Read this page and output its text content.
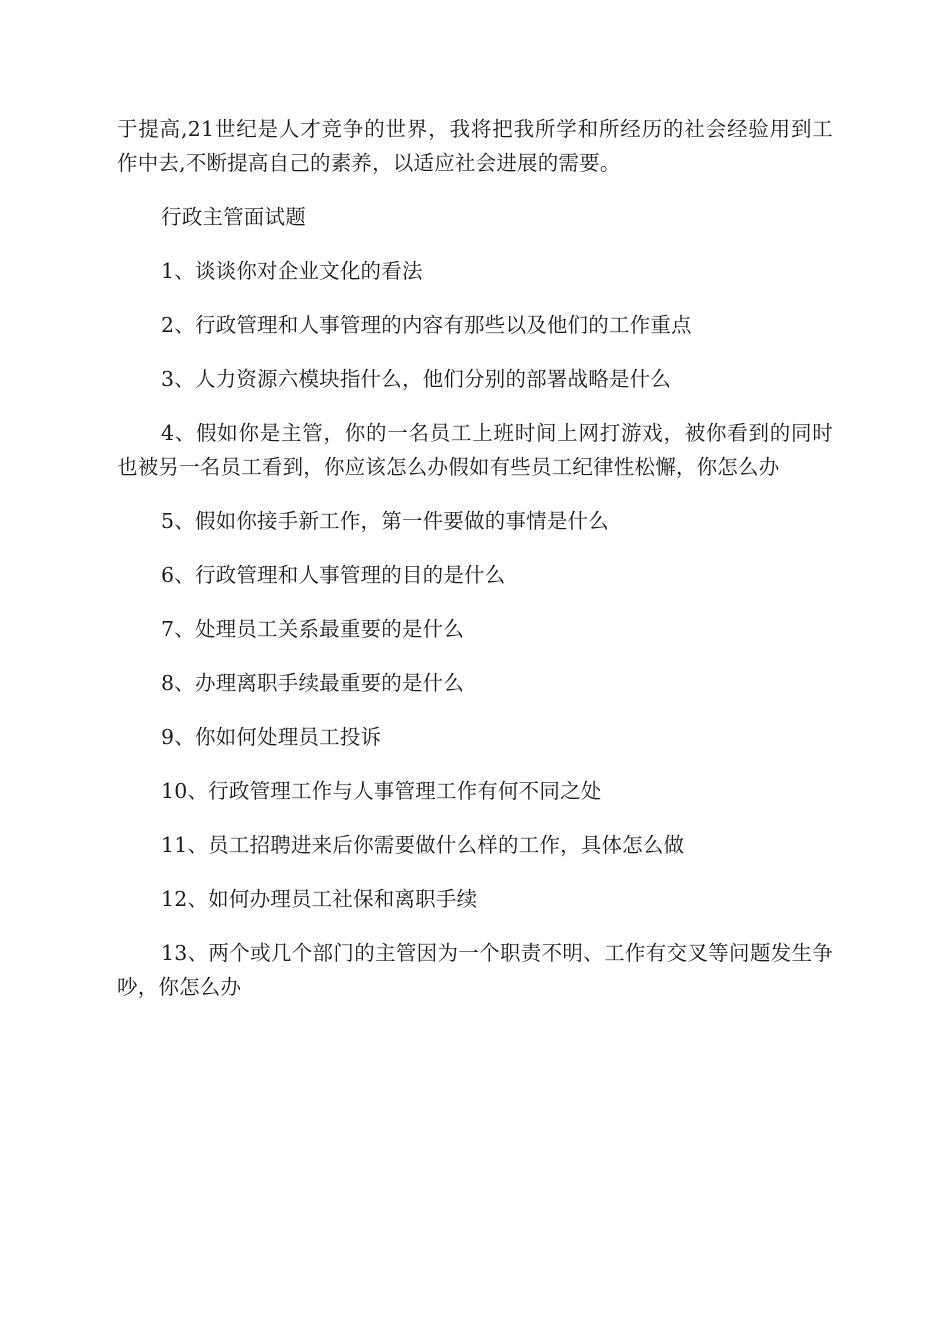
于提高,21世纪是人才竞争的世界，我将把我所学和所经历的社会经验用到工作中去,不断提高自己的素养，以适应社会进展的需要。

行政主管面试题

1、谈谈你对企业文化的看法

2、行政管理和人事管理的内容有那些以及他们的工作重点

3、人力资源六模块指什么，他们分别的部署战略是什么

4、假如你是主管，你的一名员工上班时间上网打游戏，被你看到的同时也被另一名员工看到，你应该怎么办假如有些员工纪律性松懈，你怎么办

5、假如你接手新工作，第一件要做的事情是什么

6、行政管理和人事管理的目的是什么

7、处理员工关系最重要的是什么

8、办理离职手续最重要的是什么

9、你如何处理员工投诉

10、行政管理工作与人事管理工作有何不同之处

11、员工招聘进来后你需要做什么样的工作，具体怎么做

12、如何办理员工社保和离职手续

13、两个或几个部门的主管因为一个职责不明、工作有交叉等问题发生争吵，你怎么办
